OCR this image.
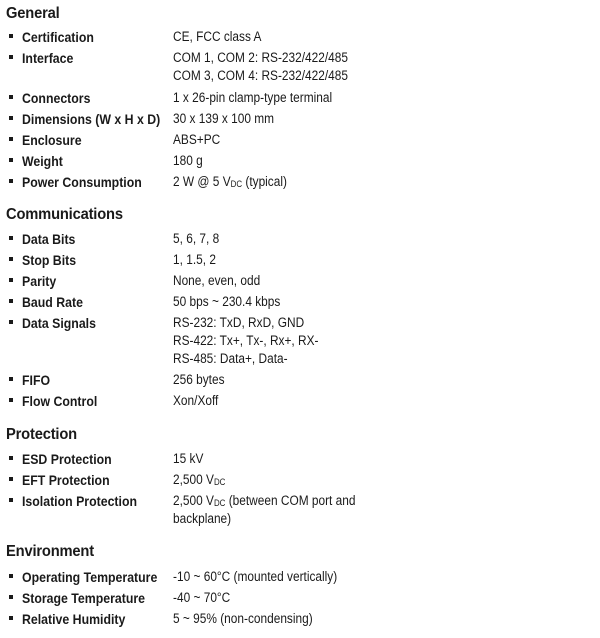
General
Certification	CE, FCC class A
Interface	COM 1, COM 2: RS-232/422/485
COM 3, COM 4: RS-232/422/485
Connectors	1 x 26-pin clamp-type terminal
Dimensions (W x H x D) 30 x 139 x 100 mm
Enclosure	ABS+PC
Weight	180 g
Power Consumption 2 W @ 5 $V_{DC}$ (typical)
Communications
Data Bits	5, 6, 7, 8
Stop Bits	1, 1.5, 2
Parity	None, even, odd
Baud Rate	50 bps ~ 230.4 kbps
Data Signals	RS-232: TxD, RxD, GND
RS-422: Tx+, Tx-, Rx+, RX-
RS-485: Data+, Data-
FIFO	256 bytes
Flow Control	Xon/Xoff
Protection
ESD Protection	15 kV
EFT Protection	2,500 $V_{DC}$
Isolation Protection	2,500 $V_{DC}$ (between COM port and
backplane)
Environment
Operating Temperature -10 ~ 60°C (mounted vertically)
Storage Temperature -40 ~ 70°C
Relative Humidity	5 ~ 95% (non-condensing)
